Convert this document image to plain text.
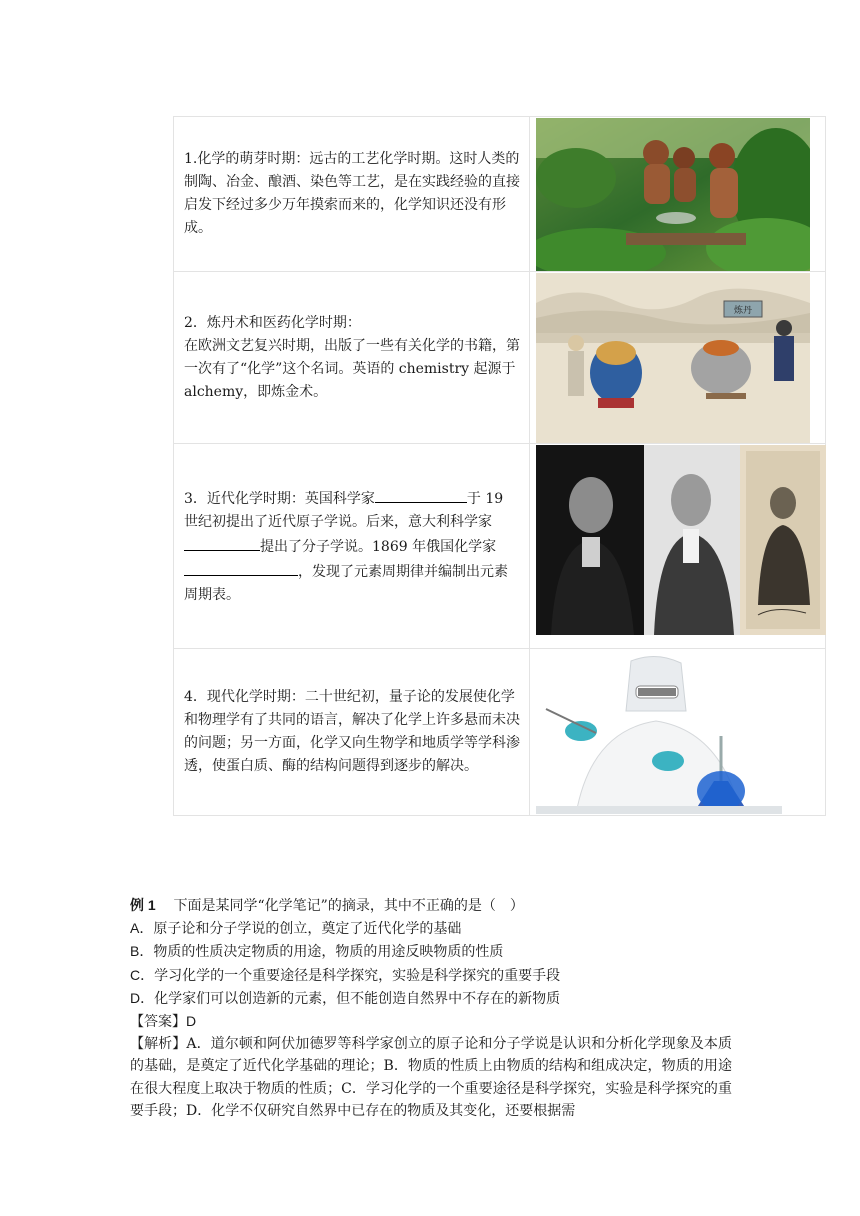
1.化学的萌芽时期：远古的工艺化学时期。这时人类的制陶、冶金、酿酒、染色等工艺，是在实践经验的直接启发下经过多少万年摸索而来的，化学知识还没有形成。

2．炼丹术和医药化学时期：
在欧洲文艺复兴时期，出版了一些有关化学的书籍，第一次有了“化学”这个名词。英语的 chemistry 起源于 alchemy，即炼金术。

炼丹

3．近代化学时期：英国科学家	于 19 世纪初提出了近代原子学说。后来，意大利科学家
提出了分子学说。1869 年俄国化学家
，发现了元素周期律并编制出元素周期表。

4．现代化学时期：二十世纪初，量子论的发展使化学和物理学有了共同的语言，解决了化学上许多悬而未决的问题；另一方面，化学又向生物学和地质学等学科渗透，使蛋白质、酶的结构问题得到逐步的解决。

例 1 下面是某同学“化学笔记”的摘录，其中不正确的是（　）

A．原子论和分子学说的创立，奠定了近代化学的基础

B．物质的性质决定物质的用途，物质的用途反映物质的性质

C．学习化学的一个重要途径是科学探究，实验是科学探究的重要手段

D．化学家们可以创造新的元素，但不能创造自然界中不存在的新物质

【答案】D

【解析】A．道尔顿和阿伏加德罗等科学家创立的原子论和分子学说是认识和分析化学现象及本质的基础，是奠定了近代化学基础的理论；B．物质的性质上由物质的结构和组成决定，物质的用途在很大程度上取决于物质的性质；C．学习化学的一个重要途径是科学探究，实验是科学探究的重要手段；D．化学不仅研究自然界中已存在的物质及其变化，还要根据需
